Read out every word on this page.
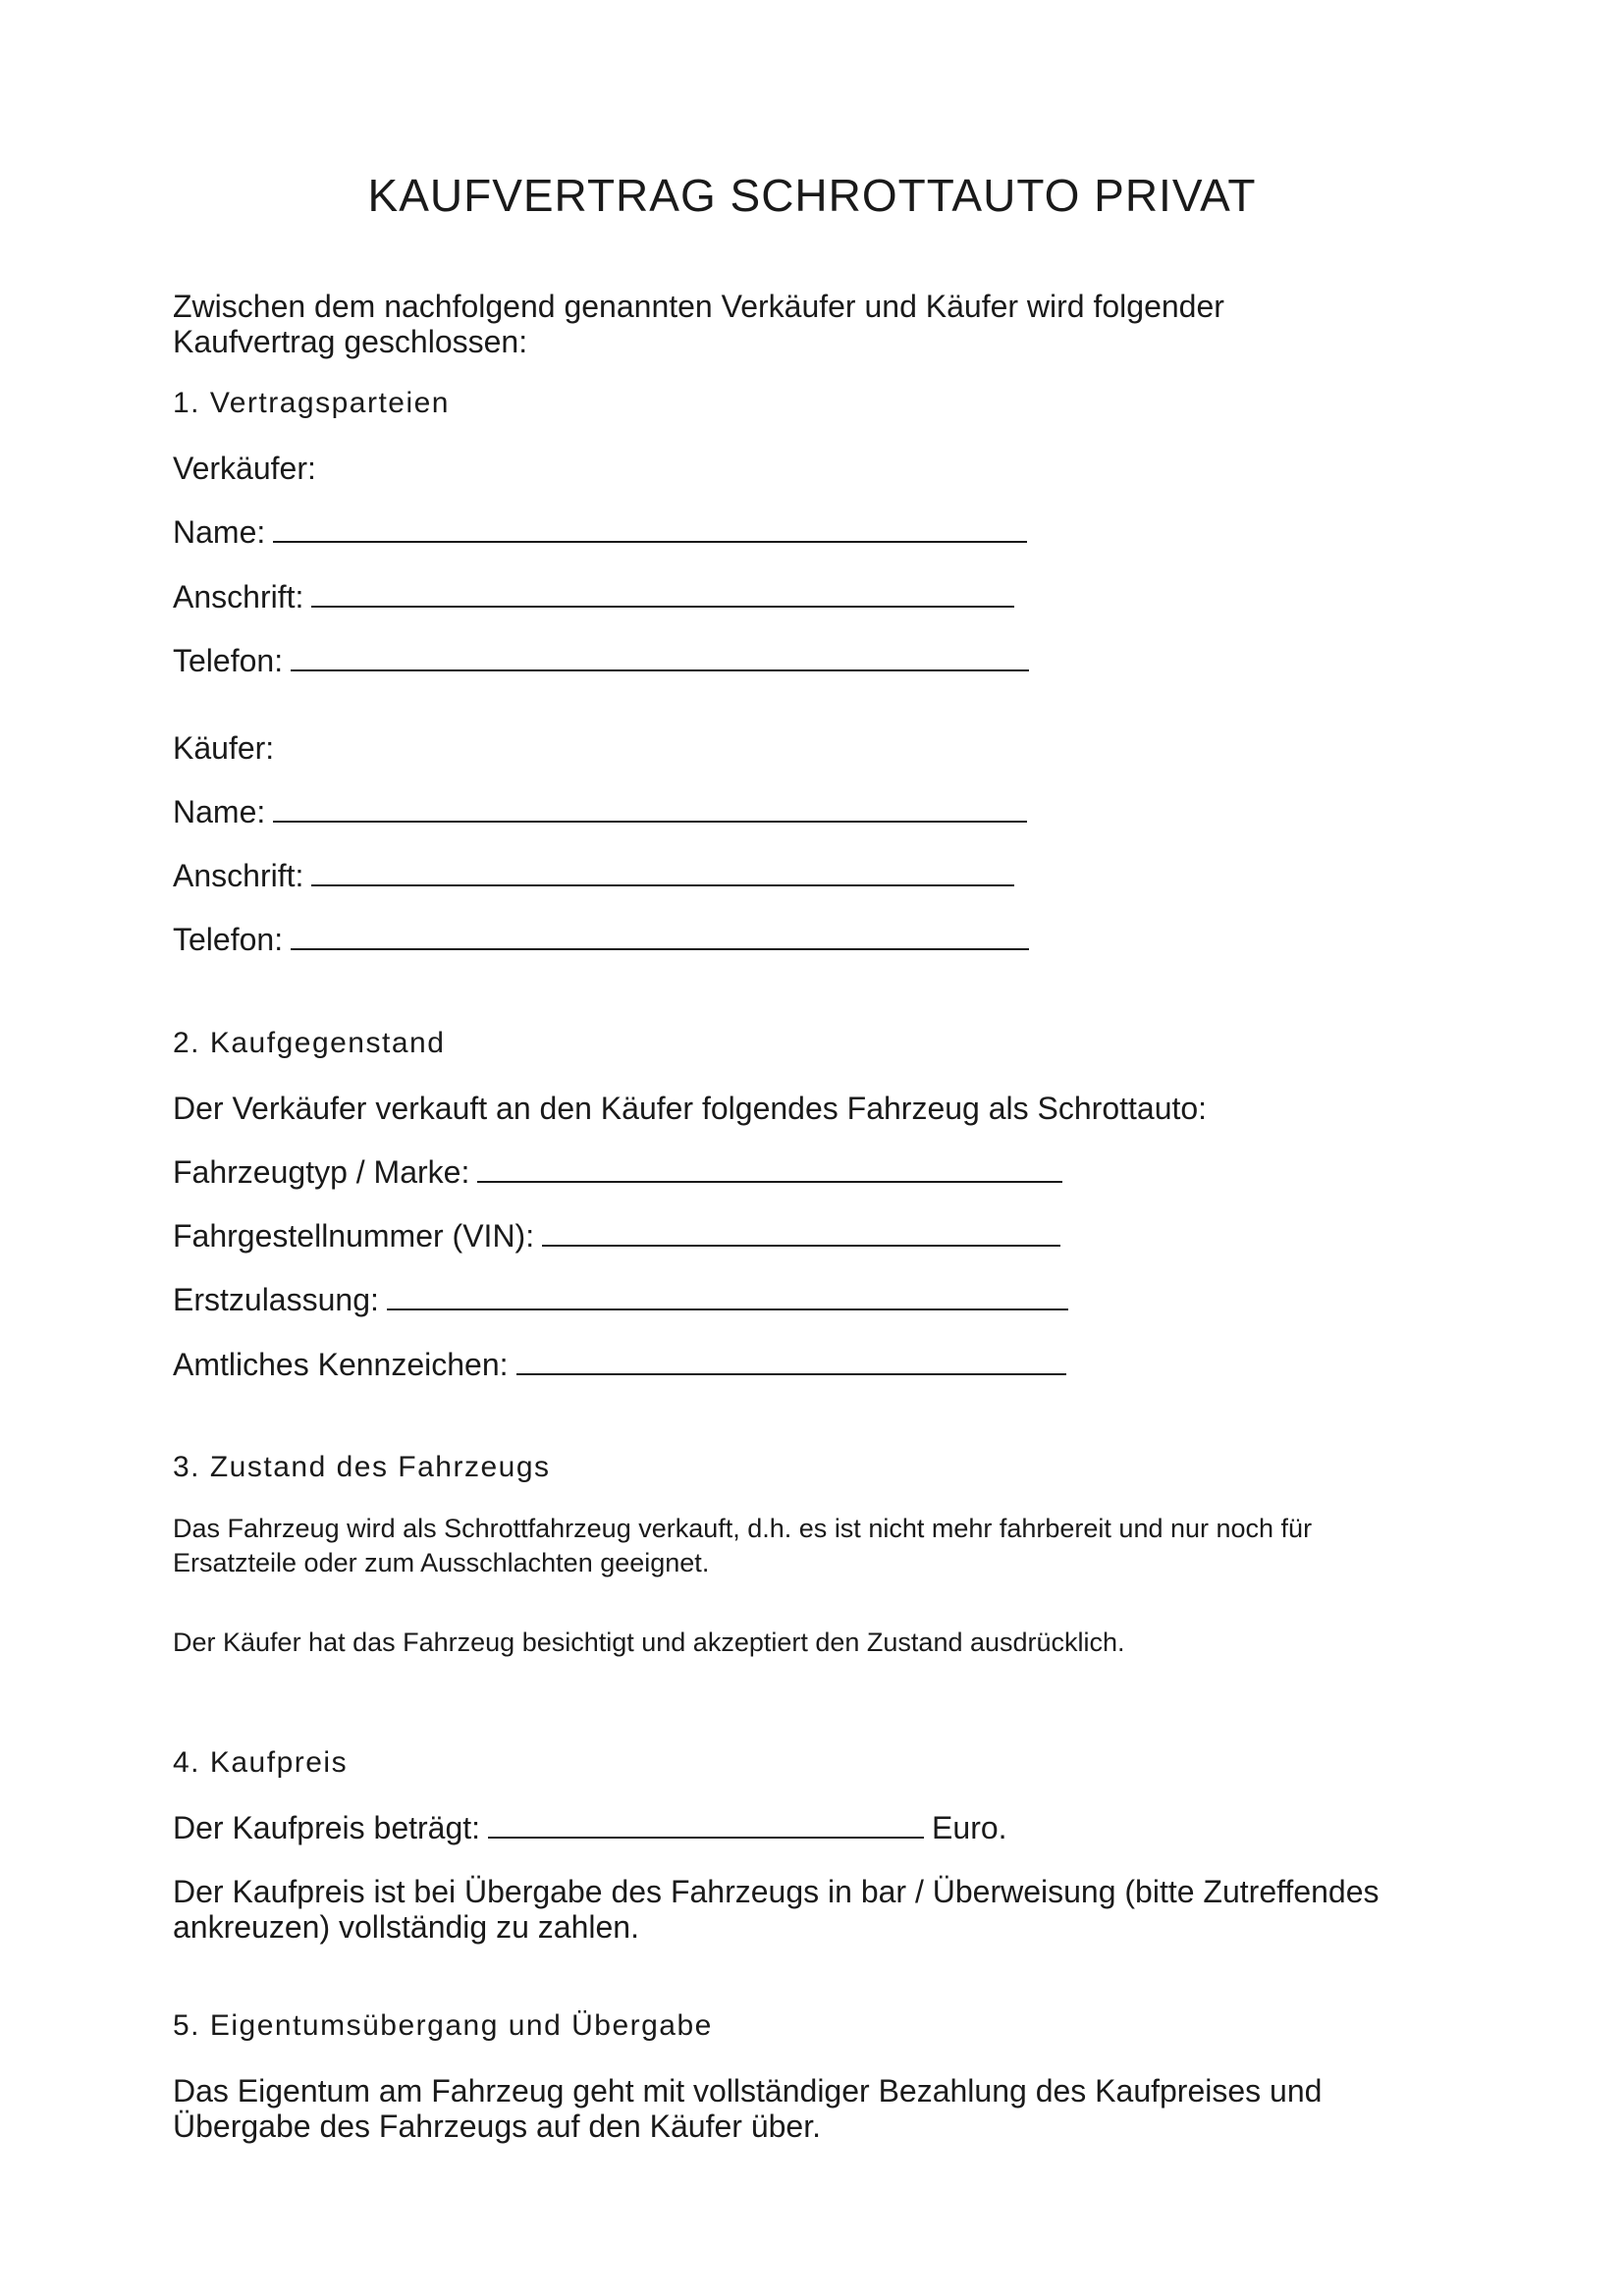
KAUFVERTRAG SCHROTTAUTO PRIVAT
Zwischen dem nachfolgend genannten Verkäufer und Käufer wird folgender Kaufvertrag geschlossen:
1. Vertragsparteien
Verkäufer:
Name:
Anschrift:
Telefon:
Käufer:
Name:
Anschrift:
Telefon:
2. Kaufgegenstand
Der Verkäufer verkauft an den Käufer folgendes Fahrzeug als Schrottauto:
Fahrzeugtyp / Marke:
Fahrgestellnummer (VIN):
Erstzulassung:
Amtliches Kennzeichen:
3. Zustand des Fahrzeugs
Das Fahrzeug wird als Schrottfahrzeug verkauft, d.h. es ist nicht mehr fahrbereit und nur noch für Ersatzteile oder zum Ausschlachten geeignet.
Der Käufer hat das Fahrzeug besichtigt und akzeptiert den Zustand ausdrücklich.
4. Kaufpreis
Der Kaufpreis beträgt:	Euro.
Der Kaufpreis ist bei Übergabe des Fahrzeugs in bar / Überweisung (bitte Zutreffendes ankreuzen) vollständig zu zahlen.
5. Eigentumsübergang und Übergabe
Das Eigentum am Fahrzeug geht mit vollständiger Bezahlung des Kaufpreises und Übergabe des Fahrzeugs auf den Käufer über.
